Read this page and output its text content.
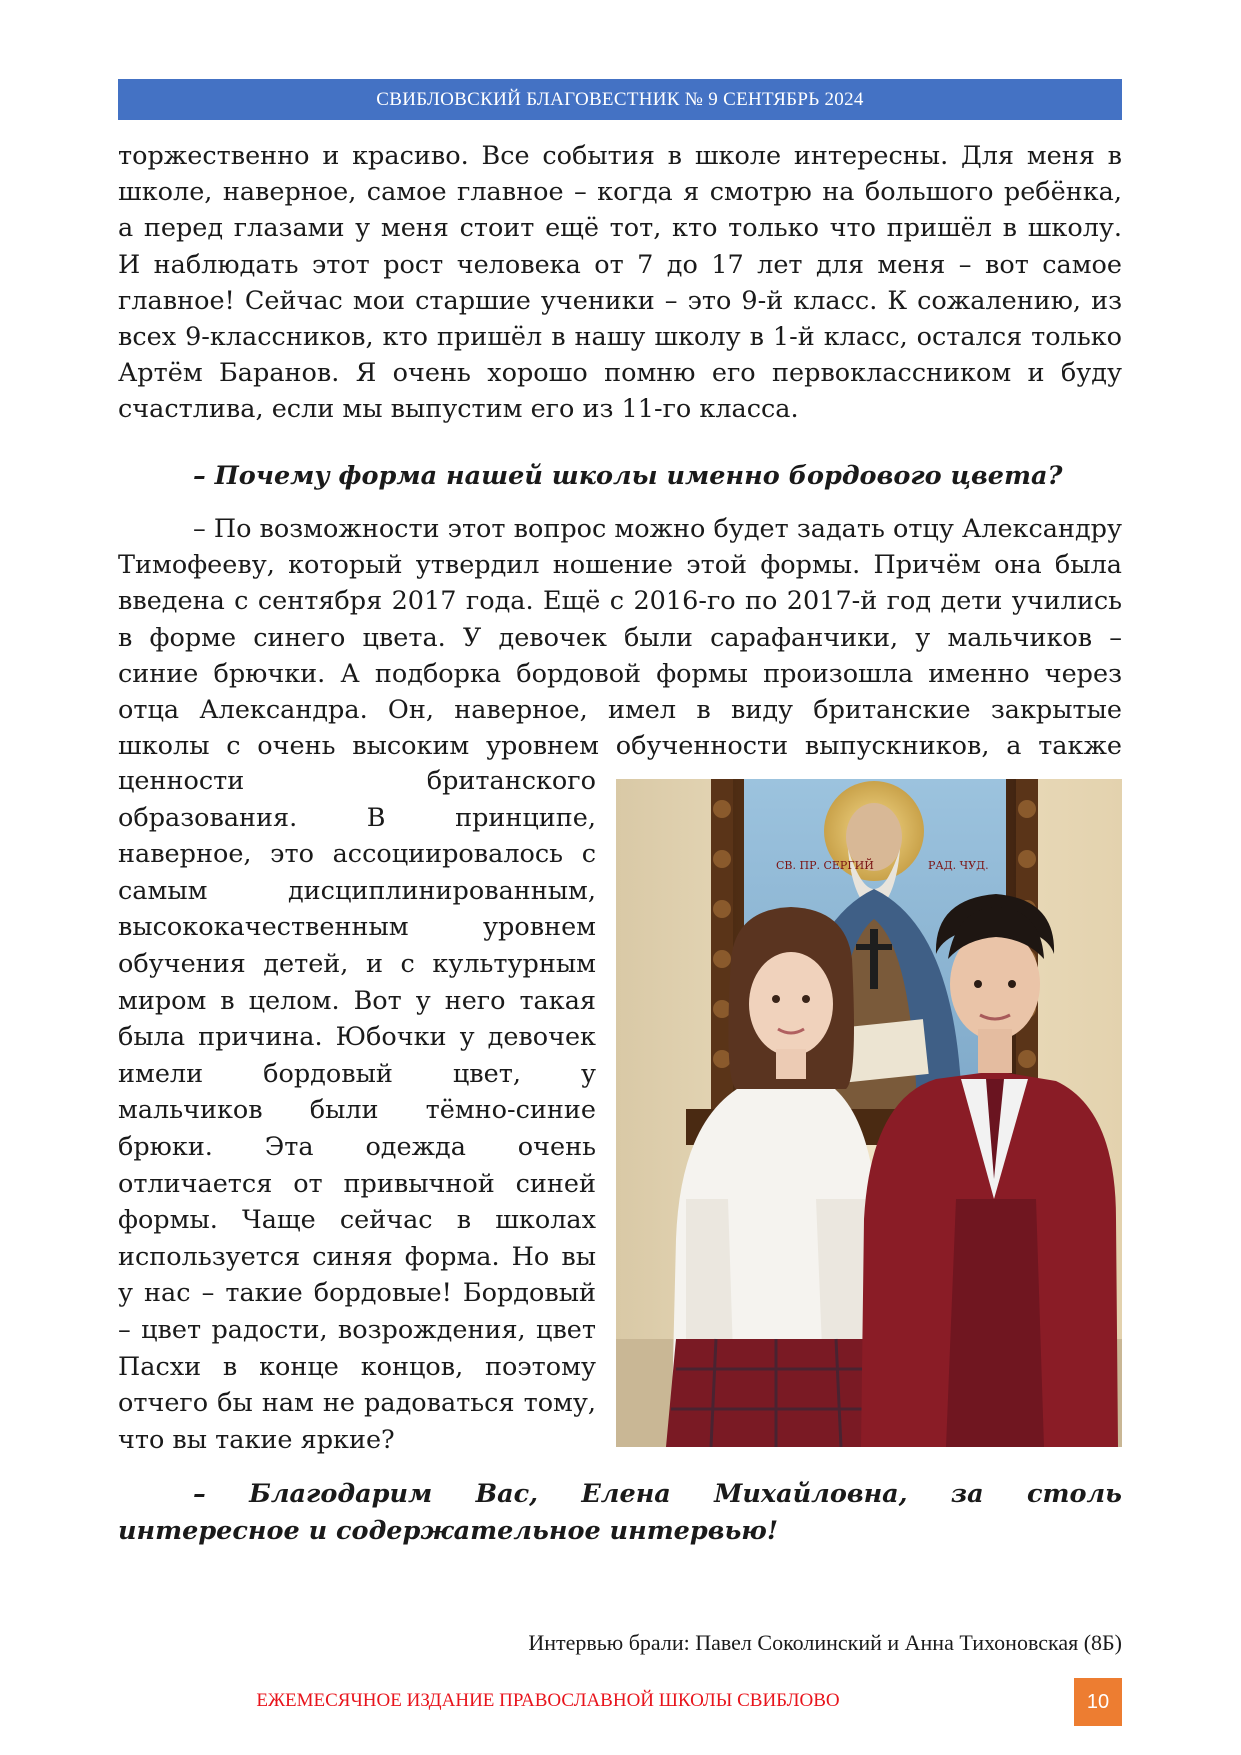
СВИБЛОВСКИЙ БЛАГОВЕСТНИК № 9 СЕНТЯБРЬ 2024
торжественно и красиво. Все события в школе интересны. Для меня в
школе, наверное, самое главное – когда я смотрю на большого ребёнка,
а перед глазами у меня стоит ещё тот, кто только что пришёл в школу.
И наблюдать этот рост человека от 7 до 17 лет для меня – вот самое
главное! Сейчас мои старшие ученики – это 9-й класс. К сожалению, из
всех 9-классников, кто пришёл в нашу школу в 1-й класс, остался только
Артём Баранов. Я очень хорошо помню его первоклассником и буду
счастлива, если мы выпустим его из 11-го класса.
– Почему форма нашей школы именно бордового цвета?
– По возможности этот вопрос можно будет задать отцу Александру
Тимофееву, который утвердил ношение этой формы. Причём она была
введена с сентября 2017 года. Ещё с 2016-го по 2017-й год дети учились
в форме синего цвета. У девочек были сарафанчики, у мальчиков –
синие брючки. А подборка бордовой формы произошла именно через
отца Александра. Он, наверное, имел в виду британские закрытые
школы с очень высоким уровнем обученности выпускников, а также
ценности британского
образования. В принципе,
наверное, это ассоциировалось с
самым дисциплинированным,
высококачественным уровнем
обучения детей, и с культурным
миром в целом. Вот у него такая
была причина. Юбочки у девочек
имели бордовый цвет, у
мальчиков были тёмно-синие
брюки. Эта одежда очень
отличается от привычной синей
формы. Чаще сейчас в школах
используется синяя форма. Но вы
у нас – такие бордовые! Бордовый
– цвет радости, возрождения, цвет
Пасхи в конце концов, поэтому
отчего бы нам не радоваться тому,
что вы такие яркие?
СВ. ПР. СЕРГИЙ	РАД. ЧУД.
– Благодарим Вас, Елена Михайловна, за столь
интересное и содержательное интервью!
Интервью брали: Павел Соколинский и Анна Тихоновская (8Б)
ЕЖЕМЕСЯЧНОЕ ИЗДАНИЕ ПРАВОСЛАВНОЙ ШКОЛЫ СВИБЛОВО	10
